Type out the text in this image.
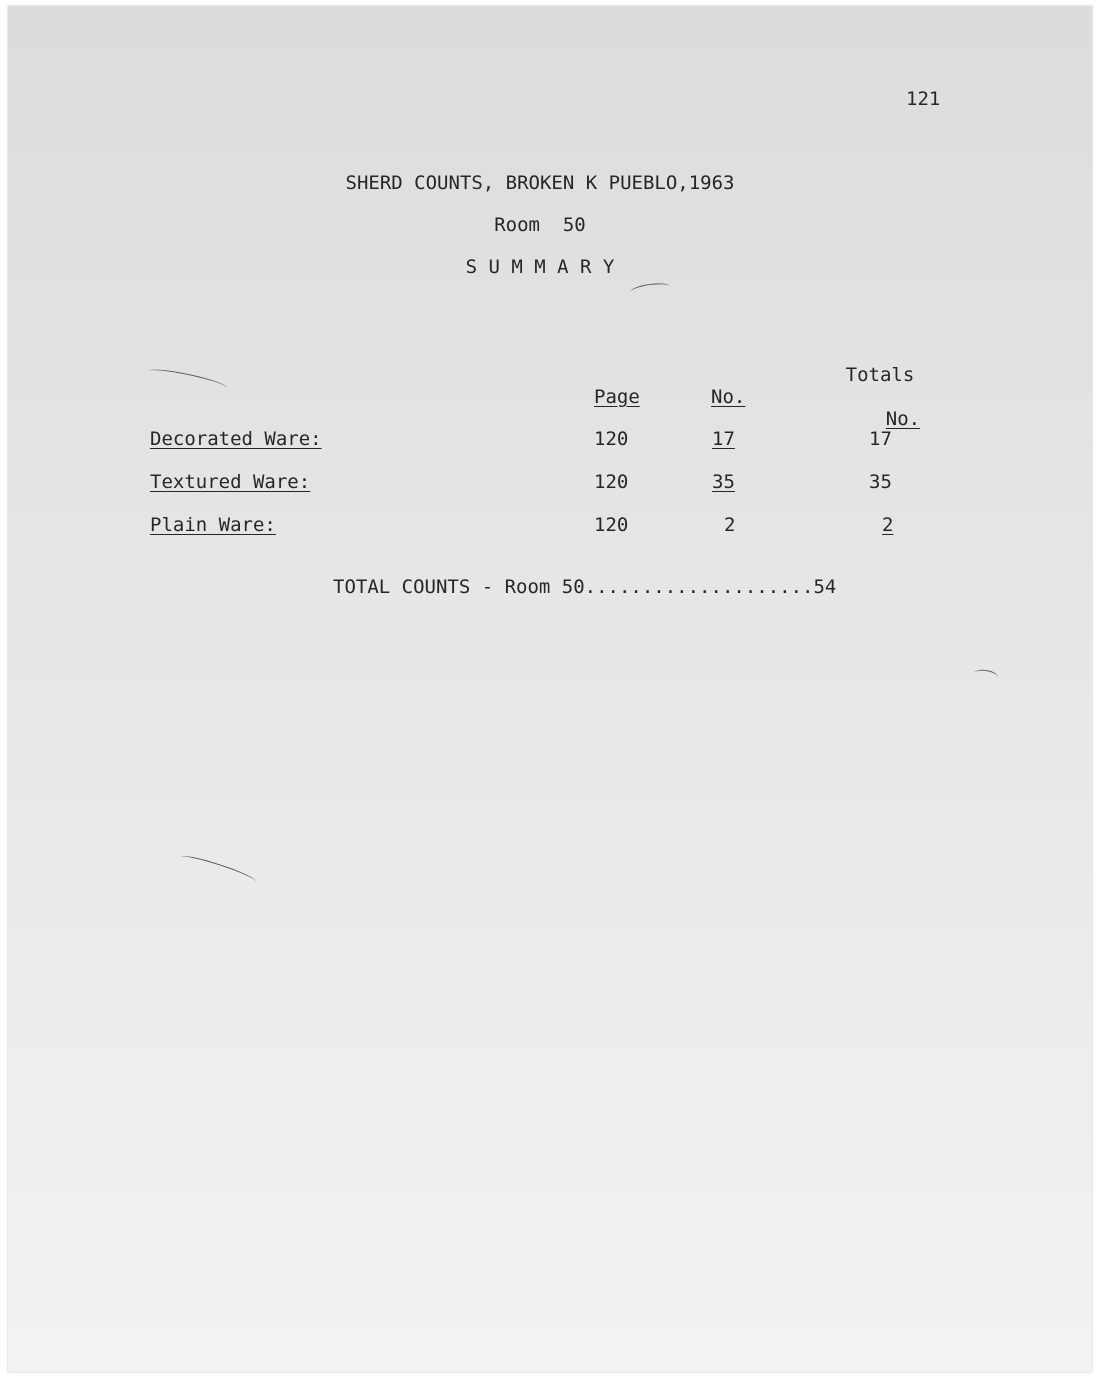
121
SHERD COUNTS, BROKEN K PUEBLO,1963
Room  50
S U M M A R Y
Page	No.
Totals

No.

Decorated Ware:	120	17	17
Textured Ware:	120	35	35
Plain Ware:	120	2	2
TOTAL COUNTS - Room 50....................54
